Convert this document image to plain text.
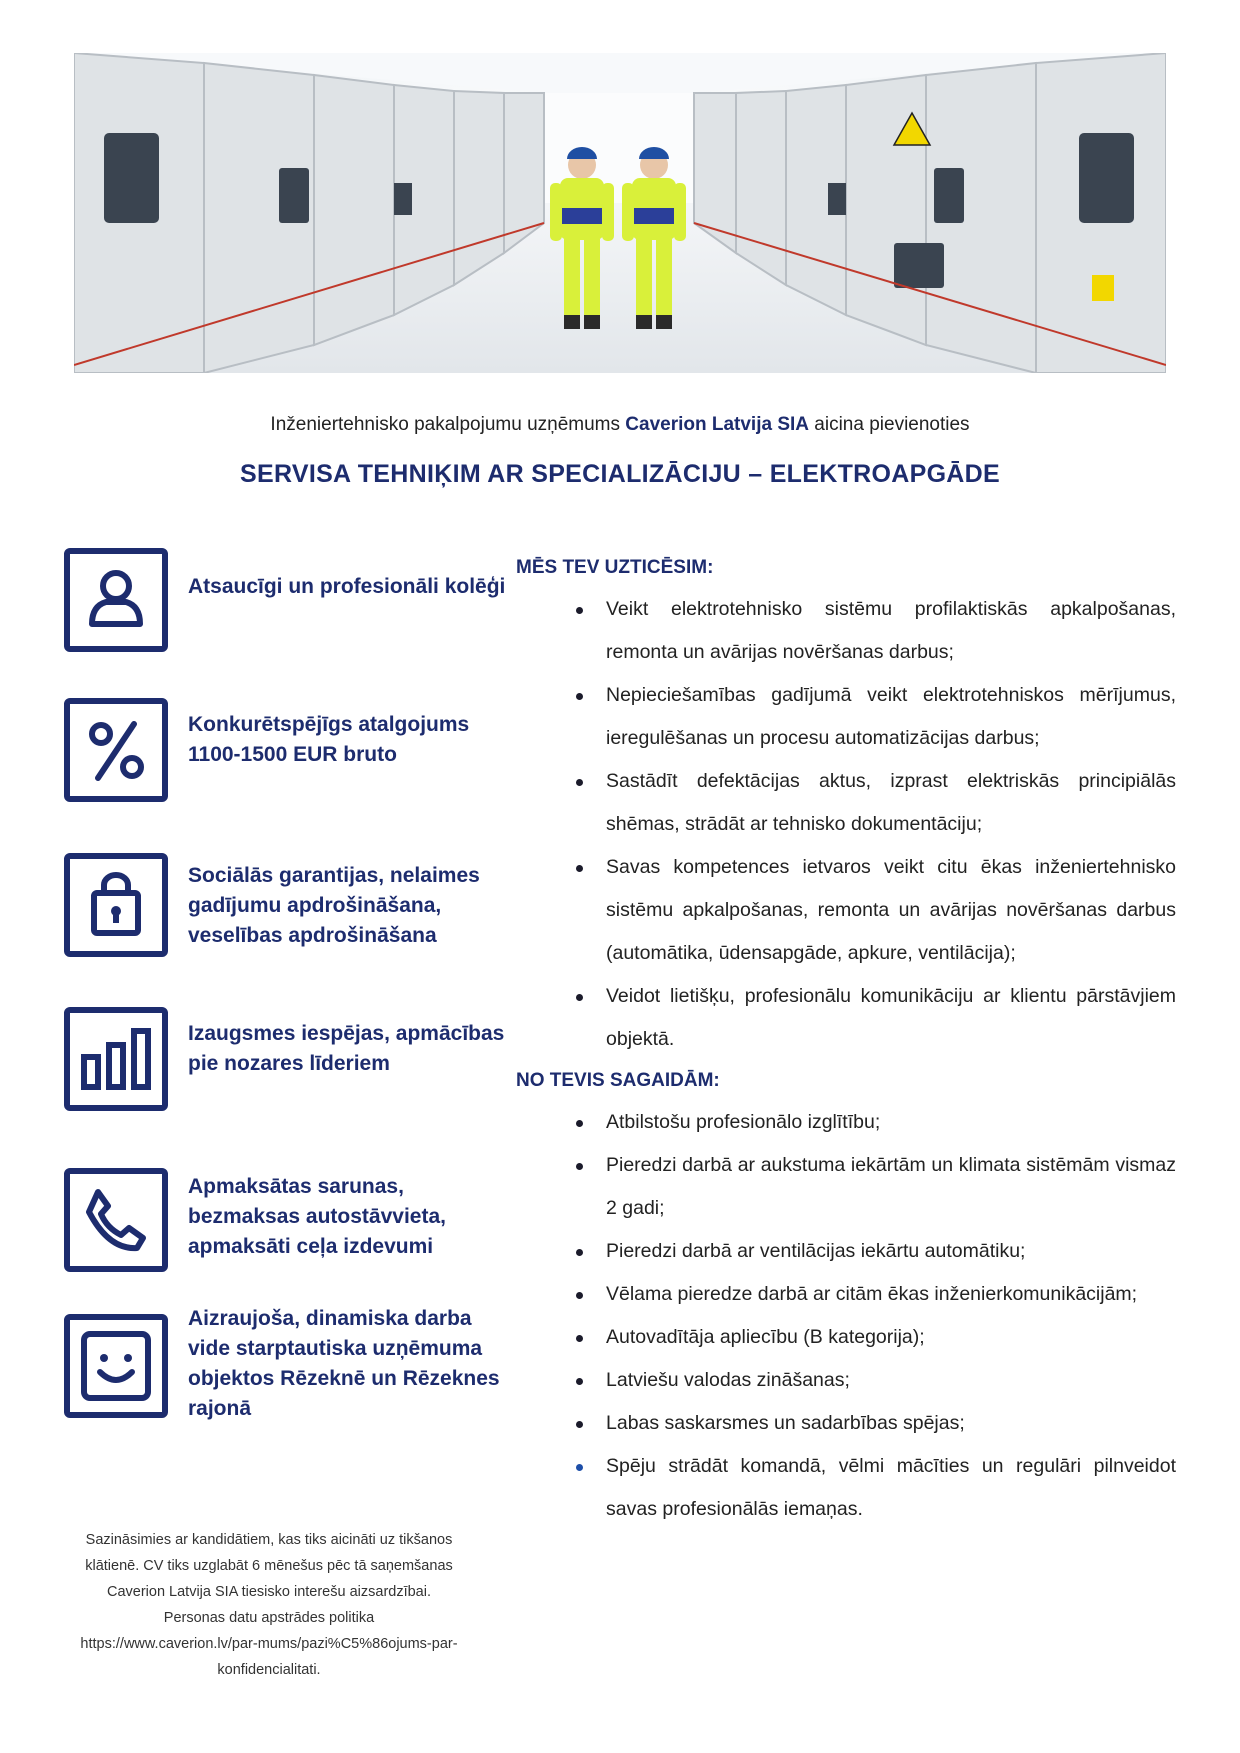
Inženiertehnisko pakalpojumu uzņēmums Caverion Latvija SIA aicina pievienoties
SERVISA TEHNIĶIM AR SPECIALIZĀCIJU – ELEKTROAPGĀDE
Atsaucīgi un profesionāli kolēģi
Konkurētspējīgs atalgojums 1100-1500 EUR bruto
Sociālās garantijas, nelaimes gadījumu apdrošināšana, veselības apdrošināšana
Izaugsmes iespējas, apmācības pie nozares līderiem
Apmaksātas sarunas, bezmaksas autostāvvieta, apmaksāti ceļa izdevumi
Aizraujoša, dinamiska darba vide starptautiska uzņēmuma objektos Rēzeknē un Rēzeknes rajonā
MĒS TEV UZTICĒSIM:
Veikt elektrotehnisko sistēmu profilaktiskās apkalpošanas, remonta un avārijas novēršanas darbus;
Nepieciešamības gadījumā veikt elektrotehniskos mērījumus, ieregulēšanas un procesu automatizācijas darbus;
Sastādīt defektācijas aktus, izprast elektriskās principiālās shēmas, strādāt ar tehnisko dokumentāciju;
Savas kompetences ietvaros veikt citu ēkas inženiertehnisko sistēmu apkalpošanas, remonta un avārijas novēršanas darbus (automātika, ūdensapgāde, apkure, ventilācija);
Veidot lietišķu, profesionālu komunikāciju ar klientu pārstāvjiem objektā.
NO TEVIS SAGAIDĀM:
Atbilstošu profesionālo izglītību;
Pieredzi darbā ar aukstuma iekārtām un klimata sistēmām vismaz 2 gadi;
Pieredzi darbā ar ventilācijas iekārtu automātiku;
Vēlama pieredze darbā ar citām ēkas inženierkomunikācijām;
Autovadītāja apliecību (B kategorija);
Latviešu valodas zināšanas;
Labas saskarsmes un sadarbības spējas;
Spēju strādāt komandā, vēlmi mācīties un regulāri pilnveidot savas profesionālās iemaņas.
Sazināsimies ar kandidātiem, kas tiks aicināti uz tikšanos
klātienē. CV tiks uzglabāt 6 mēnešus pēc tā saņemšanas
Caverion Latvija SIA tiesisko interešu aizsardzībai.
Personas datu apstrādes politika
https://www.caverion.lv/par-mums/pazi%C5%86ojums-par-
konfidencialitati.
